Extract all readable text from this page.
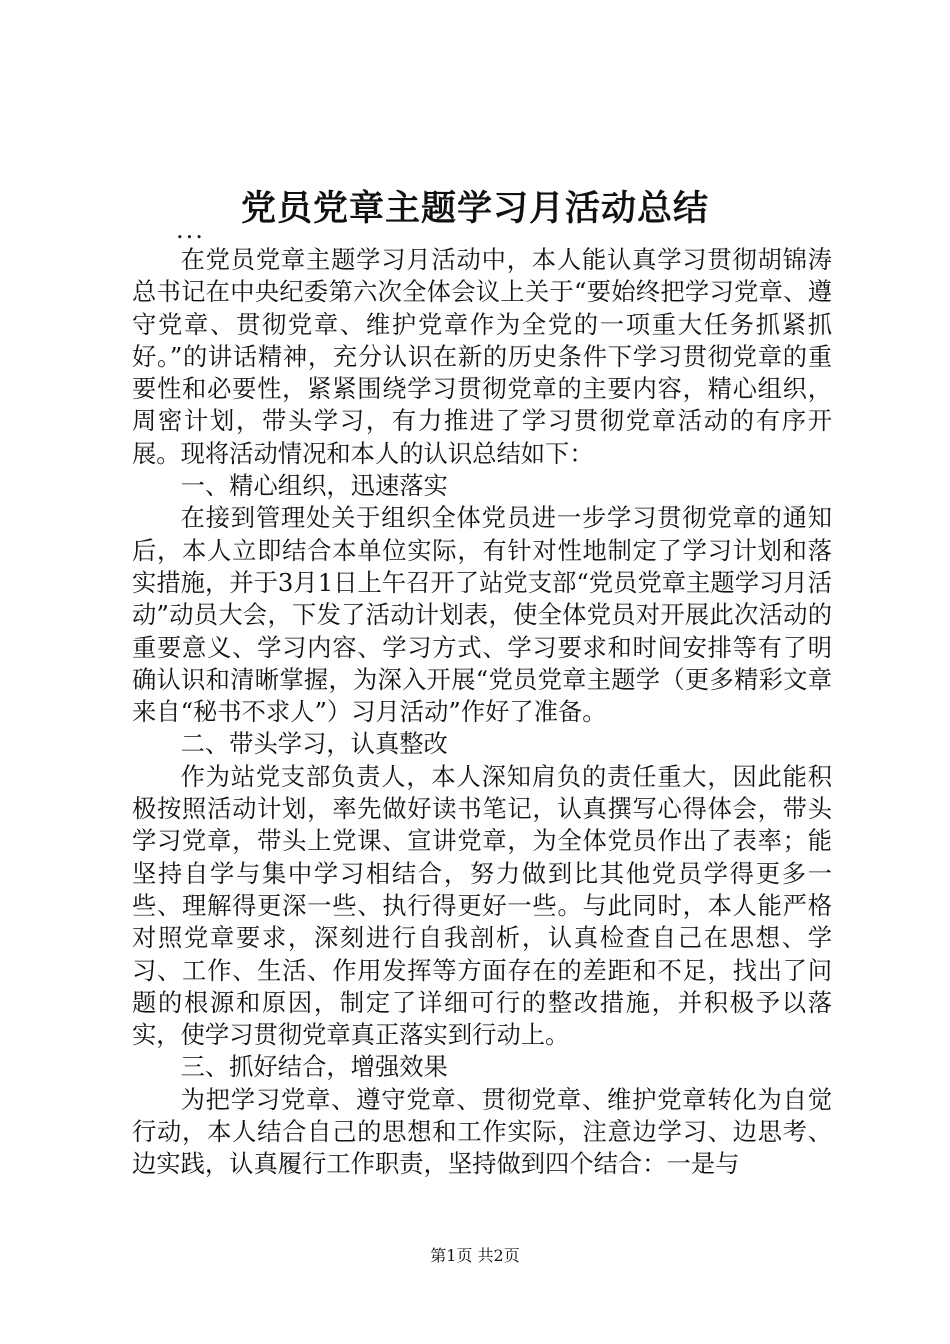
党员党章主题学习月活动总结
...

在党员党章主题学习月活动中，本人能认真学习贯彻胡锦涛总书记在中央纪委第六次全体会议上关于“要始终把学习党章、遵守党章、贯彻党章、维护党章作为全党的一项重大任务抓紧抓好。”的讲话精神，充分认识在新的历史条件下学习贯彻党章的重要性和必要性，紧紧围绕学习贯彻党章的主要内容，精心组织，周密计划，带头学习，有力推进了学习贯彻党章活动的有序开展。现将活动情况和本人的认识总结如下：

一、精心组织，迅速落实

在接到管理处关于组织全体党员进一步学习贯彻党章的通知后，本人立即结合本单位实际，有针对性地制定了学习计划和落实措施，并于3月1日上午召开了站党支部“党员党章主题学习月活动”动员大会，下发了活动计划表，使全体党员对开展此次活动的重要意义、学习内容、学习方式、学习要求和时间安排等有了明确认识和清晰掌握，为深入开展“党员党章主题学（更多精彩文章来自“秘书不求人”）习月活动”作好了准备。

二、带头学习，认真整改

作为站党支部负责人，本人深知肩负的责任重大，因此能积极按照活动计划，率先做好读书笔记，认真撰写心得体会，带头学习党章，带头上党课、宣讲党章，为全体党员作出了表率；能坚持自学与集中学习相结合，努力做到比其他党员学得更多一些、理解得更深一些、执行得更好一些。与此同时，本人能严格对照党章要求，深刻进行自我剖析，认真检查自己在思想、学习、工作、生活、作用发挥等方面存在的差距和不足，找出了问题的根源和原因，制定了详细可行的整改措施，并积极予以落实，使学习贯彻党章真正落实到行动上。

三、抓好结合，增强效果

为把学习党章、遵守党章、贯彻党章、维护党章转化为自觉行动，本人结合自己的思想和工作实际，注意边学习、边思考、边实践，认真履行工作职责，坚持做到四个结合：一是与

第1页 共2页
